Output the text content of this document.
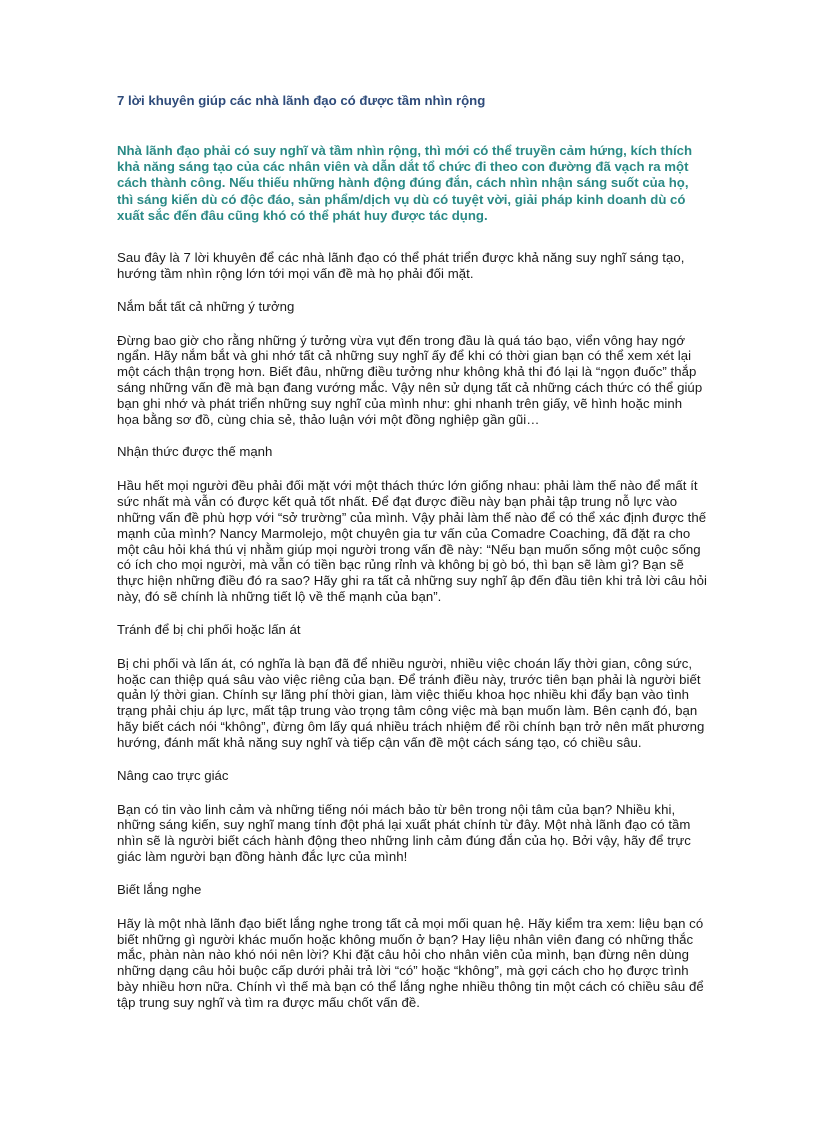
7 lời khuyên giúp các nhà lãnh đạo có được tầm nhìn rộng
Nhà lãnh đạo phải có suy nghĩ và tầm nhìn rộng, thì mới có thể truyền cảm hứng, kích thích khả năng sáng tạo của các nhân viên và dẫn dắt tổ chức đi theo con đường đã vạch ra một cách thành công. Nếu thiếu những hành động đúng đắn, cách nhìn nhận sáng suốt của họ, thì sáng kiến dù có độc đáo, sản phẩm/dịch vụ dù có tuyệt vời, giải pháp kinh doanh dù có xuất sắc đến đâu cũng khó có thể phát huy được tác dụng.

Sau đây là 7 lời khuyên để các nhà lãnh đạo có thể phát triển được khả năng suy nghĩ sáng tạo, hướng tầm nhìn rộng lớn tới mọi vấn đề mà họ phải đối mặt.

Nắm bắt tất cả những ý tưởng

Đừng bao giờ cho rằng những ý tưởng vừa vụt đến trong đầu là quá táo bạo, viển vông hay ngớ ngẩn. Hãy nắm bắt và ghi nhớ tất cả những suy nghĩ ấy để khi có thời gian bạn có thể xem xét lại một cách thận trọng hơn. Biết đâu, những điều tưởng như không khả thi đó lại là “ngọn đuốc” thắp sáng những vấn đề mà bạn đang vướng mắc. Vậy nên sử dụng tất cả những cách thức có thể giúp bạn ghi nhớ và phát triển những suy nghĩ của mình như: ghi nhanh trên giấy, vẽ hình hoặc minh họa bằng sơ đồ, cùng chia sẻ, thảo luận với một đồng nghiệp gần gũi…

Nhận thức được thế mạnh

Hầu hết mọi người đều phải đối mặt với một thách thức lớn giống nhau: phải làm thế nào để mất ít sức nhất mà vẫn có được kết quả tốt nhất. Để đạt được điều này bạn phải tập trung nỗ lực vào những vấn đề phù hợp với “sở trường” của mình. Vậy phải làm thế nào để có thể xác định được thế mạnh của mình? Nancy Marmolejo, một chuyên gia tư vấn của Comadre Coaching, đã đặt ra cho một câu hỏi khá thú vị nhằm giúp mọi người trong vấn đề này: “Nếu bạn muốn sống một cuộc sống có ích cho mọi người, mà vẫn có tiền bạc rủng rỉnh và không bị gò bó, thì bạn sẽ làm gì? Bạn sẽ thực hiện những điều đó ra sao? Hãy ghi ra tất cả những suy nghĩ ập đến đầu tiên khi trả lời câu hỏi này, đó sẽ chính là những tiết lộ về thế mạnh của bạn”.

Tránh để bị chi phối hoặc lấn át

Bị chi phối và lấn át, có nghĩa là bạn đã để nhiều người, nhiều việc choán lấy thời gian, công sức, hoặc can thiệp quá sâu vào việc riêng của bạn. Để tránh điều này, trước tiên bạn phải là người biết quản lý thời gian. Chính sự lãng phí thời gian, làm việc thiếu khoa học nhiều khi đẩy bạn vào tình trạng phải chịu áp lực, mất tập trung vào trọng tâm công việc mà bạn muốn làm. Bên cạnh đó, bạn hãy biết cách nói “không”, đừng ôm lấy quá nhiều trách nhiệm để rồi chính bạn trở nên mất phương hướng, đánh mất khả năng suy nghĩ và tiếp cận vấn đề một cách sáng tạo, có chiều sâu.

Nâng cao trực giác

Bạn có tin vào linh cảm và những tiếng nói mách bảo từ bên trong nội tâm của bạn? Nhiều khi, những sáng kiến, suy nghĩ mang tính đột phá lại xuất phát chính từ đây. Một nhà lãnh đạo có tầm nhìn sẽ là người biết cách hành động theo những linh cảm đúng đắn của họ. Bởi vậy, hãy để trực giác làm người bạn đồng hành đắc lực của mình!

Biết lắng nghe

Hãy là một nhà lãnh đạo biết lắng nghe trong tất cả mọi mối quan hệ. Hãy kiểm tra xem: liệu bạn có biết những gì người khác muốn hoặc không muốn ở bạn? Hay liệu nhân viên đang có những thắc mắc, phàn nàn nào khó nói nên lời? Khi đặt câu hỏi cho nhân viên của mình, bạn đừng nên dùng những dạng câu hỏi buộc cấp dưới phải trả lời “có” hoặc “không”, mà gợi cách cho họ được trình bày nhiều hơn nữa. Chính vì thế mà bạn có thể lắng nghe nhiều thông tin một cách có chiều sâu để tập trung suy nghĩ và tìm ra được mấu chốt vấn đề.
